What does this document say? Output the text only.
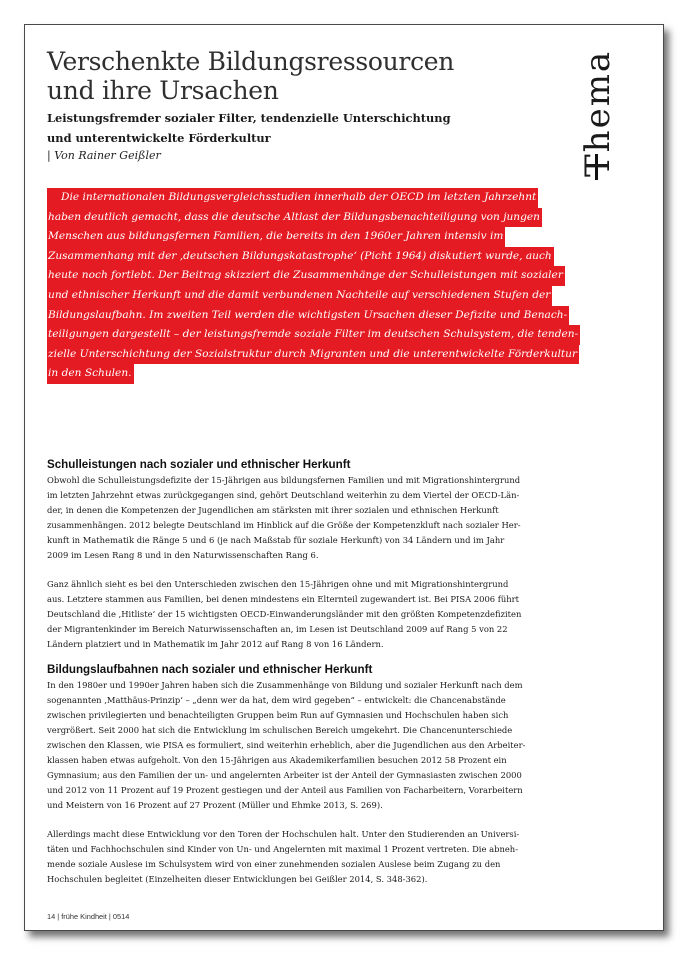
Verschenkte Bildungsressourcen
und ihre Ursachen
Leistungsfremder sozialer Filter, tendenzielle Unterschichtung
und unterentwickelte Förderkultur
| Von Rainer Geißler	Thema
Die internationalen Bildungsvergleichsstudien innerhalb der OECD im letzten Jahrzehnt
haben deutlich gemacht, dass die deutsche Altlast der Bildungsbenachteiligung von jungen
Menschen aus bildungsfernen Familien, die bereits in den 1960er Jahren intensiv im
Zusammenhang mit der ‚deutschen Bildungskatastrophe‘ (Picht 1964) diskutiert wurde, auch
heute noch fortlebt. Der Beitrag skizziert die Zusammenhänge der Schulleistungen mit sozialer
und ethnischer Herkunft und die damit verbundenen Nachteile auf verschiedenen Stufen der
Bildungslaufbahn. Im zweiten Teil werden die wichtigsten Ursachen dieser Defizite und Benach-
teiligungen dargestellt – der leistungsfremde soziale Filter im deutschen Schulsystem, die tenden-
zielle Unterschichtung der Sozialstruktur durch Migranten und die unterentwickelte Förderkultur
in den Schulen.
Schulleistungen nach sozialer und ethnischer Herkunft
Obwohl die Schulleistungsdefizite der 15-Jährigen aus bildungsfernen Familien und mit Migrationshintergrund
im letzten Jahrzehnt etwas zurückgegangen sind, gehört Deutschland weiterhin zu dem Viertel der OECD-Län-
der, in denen die Kompetenzen der Jugendlichen am stärksten mit ihrer sozialen und ethnischen Herkunft
zusammenhängen. 2012 belegte Deutschland im Hinblick auf die Größe der Kompetenzkluft nach sozialer Her-
kunft in Mathematik die Ränge 5 und 6 (je nach Maßstab für soziale Herkunft) von 34 Ländern und im Jahr
2009 im Lesen Rang 8 und in den Naturwissenschaften Rang 6.
Ganz ähnlich sieht es bei den Unterschieden zwischen den 15-Jährigen ohne und mit Migrationshintergrund
aus. Letztere stammen aus Familien, bei denen mindestens ein Elternteil zugewandert ist. Bei PISA 2006 führt
Deutschland die ‚Hitliste‘ der 15 wichtigsten OECD-Einwanderungsländer mit den größten Kompetenzdefiziten
der Migrantenkinder im Bereich Naturwissenschaften an, im Lesen ist Deutschland 2009 auf Rang 5 von 22
Ländern platziert und in Mathematik im Jahr 2012 auf Rang 8 von 16 Ländern.
Bildungslaufbahnen nach sozialer und ethnischer Herkunft
In den 1980er und 1990er Jahren haben sich die Zusammenhänge von Bildung und sozialer Herkunft nach dem
sogenannten ‚Matthäus-Prinzip‘ – „denn wer da hat, dem wird gegeben“ – entwickelt: die Chancenabstände
zwischen privilegierten und benachteiligten Gruppen beim Run auf Gymnasien und Hochschulen haben sich
vergrößert. Seit 2000 hat sich die Entwicklung im schulischen Bereich umgekehrt. Die Chancenunterschiede
zwischen den Klassen, wie PISA es formuliert, sind weiterhin erheblich, aber die Jugendlichen aus den Arbeiter-
klassen haben etwas aufgeholt. Von den 15-Jährigen aus Akademikerfamilien besuchen 2012 58 Prozent ein
Gymnasium; aus den Familien der un- und angelernten Arbeiter ist der Anteil der Gymnasiasten zwischen 2000
und 2012 von 11 Prozent auf 19 Prozent gestiegen und der Anteil aus Familien von Facharbeitern, Vorarbeitern
und Meistern von 16 Prozent auf 27 Prozent (Müller und Ehmke 2013, S. 269).
Allerdings macht diese Entwicklung vor den Toren der Hochschulen halt. Unter den Studierenden an Universi-
täten und Fachhochschulen sind Kinder von Un- und Angelernten mit maximal 1 Prozent vertreten. Die abneh-
mende soziale Auslese im Schulsystem wird von einer zunehmenden sozialen Auslese beim Zugang zu den
Hochschulen begleitet (Einzelheiten dieser Entwicklungen bei Geißler 2014, S. 348-362).
14 | frühe Kindheit | 0514
